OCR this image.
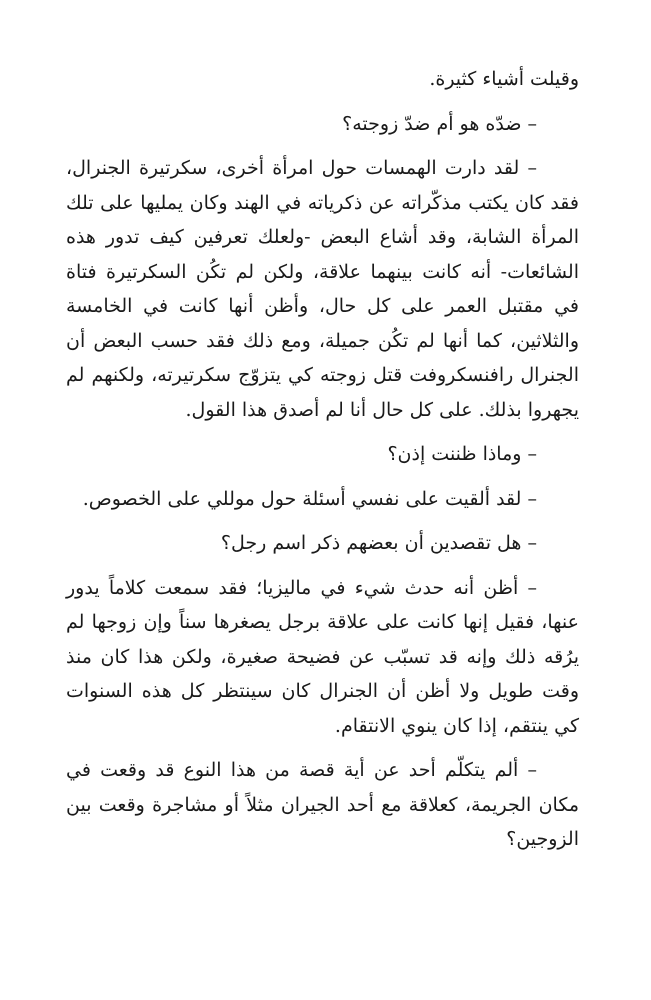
وقيلت أشياء كثيرة.

– ضدّه هو أم ضدّ زوجته؟

– لقد دارت الهمسات حول امرأة أخرى، سكرتيرة الجنرال، فقد كان يكتب مذكّراته عن ذكرياته في الهند وكان يمليها على تلك المرأة الشابة، وقد أشاع البعض -ولعلك تعرفين كيف تدور هذه الشائعات- أنه كانت بينهما علاقة، ولكن لم تكُن السكرتيرة فتاة في مقتبل العمر على كل حال، وأظن أنها كانت في الخامسة والثلاثين، كما أنها لم تكُن جميلة، ومع ذلك فقد حسب البعض أن الجنرال رافنسكروفت قتل زوجته كي يتزوّج سكرتيرته، ولكنهم لم يجهروا بذلك. على كل حال أنا لم أصدق هذا القول.

– وماذا ظننت إذن؟

– لقد ألقيت على نفسي أسئلة حول موللي على الخصوص.

– هل تقصدين أن بعضهم ذكر اسم رجل؟

– أظن أنه حدث شيء في ماليزيا؛ فقد سمعت كلاماً يدور عنها، فقيل إنها كانت على علاقة برجل يصغرها سناً وإن زوجها لم يرُقه ذلك وإنه قد تسبّب عن فضيحة صغيرة، ولكن هذا كان منذ وقت طويل ولا أظن أن الجنرال كان سينتظر كل هذه السنوات كي ينتقم، إذا كان ينوي الانتقام.

– ألم يتكلّم أحد عن أية قصة من هذا النوع قد وقعت في مكان الجريمة، كعلاقة مع أحد الجيران مثلاً أو مشاجرة وقعت بين الزوجين؟
